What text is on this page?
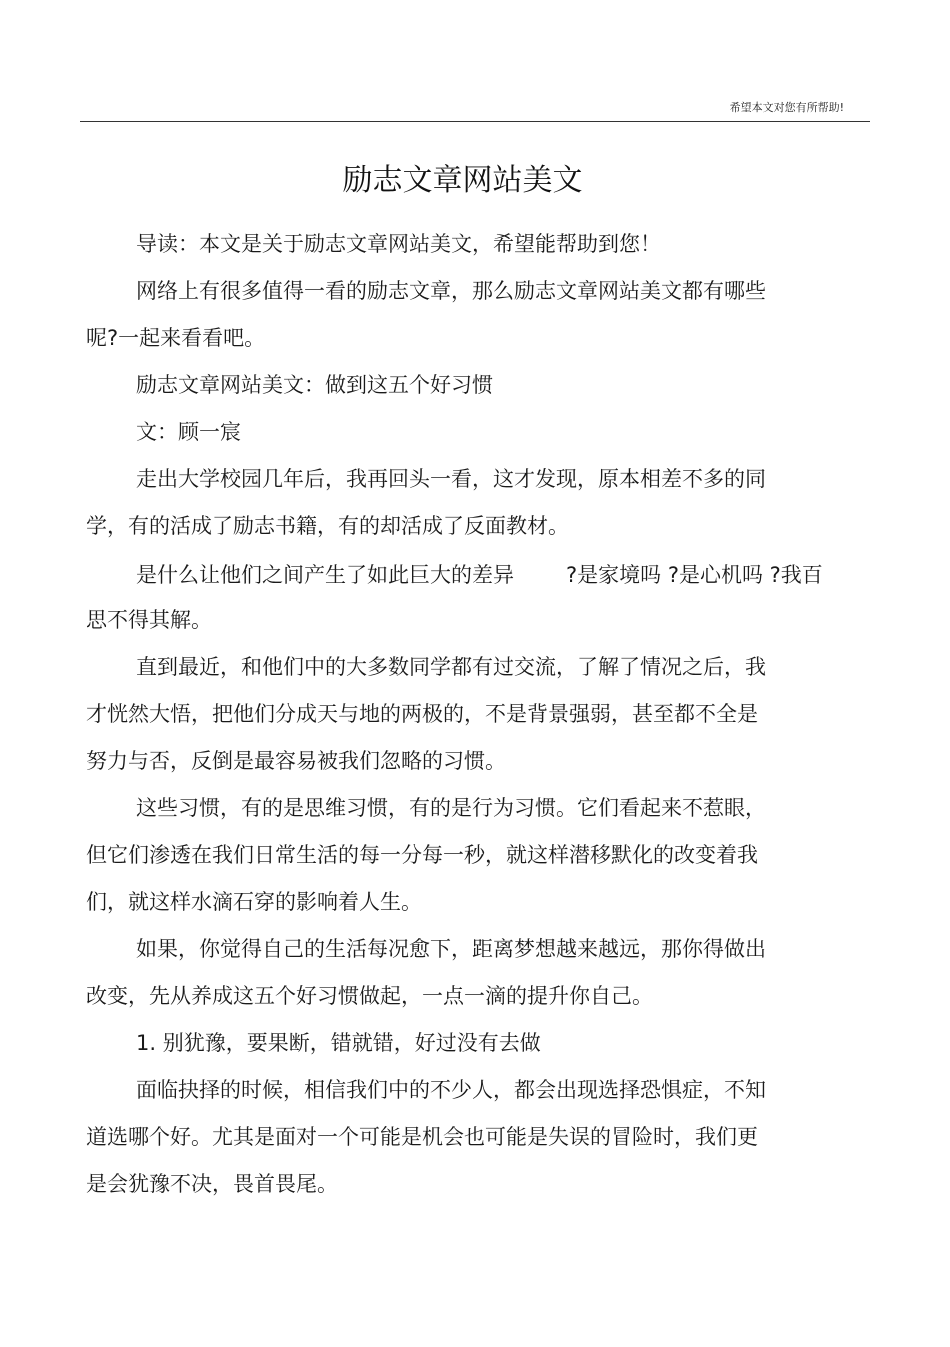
希望本文对您有所帮助!
励志文章网站美文
导读：本文是关于励志文章网站美文，希望能帮助到您！
网络上有很多值得一看的励志文章，那么励志文章网站美文都有哪些
呢?一起来看看吧。
励志文章网站美文：做到这五个好习惯
文：顾一宸
走出大学校园几年后，我再回头一看，这才发现，原本相差不多的同
学，有的活成了励志书籍，有的却活成了反面教材。
是什么让他们之间产生了如此巨大的差异 ?是家境吗 ?是心机吗 ?我百
思不得其解。
直到最近，和他们中的大多数同学都有过交流，了解了情况之后，我
才恍然大悟，把他们分成天与地的两极的，不是背景强弱，甚至都不全是
努力与否，反倒是最容易被我们忽略的习惯。
这些习惯，有的是思维习惯，有的是行为习惯。它们看起来不惹眼，
但它们渗透在我们日常生活的每一分每一秒，就这样潜移默化的改变着我
们，就这样水滴石穿的影响着人生。
如果，你觉得自己的生活每况愈下，距离梦想越来越远，那你得做出
改变，先从养成这五个好习惯做起，一点一滴的提升你自己。
1. 别犹豫，要果断，错就错，好过没有去做
面临抉择的时候，相信我们中的不少人，都会出现选择恐惧症，不知
道选哪个好。尤其是面对一个可能是机会也可能是失误的冒险时，我们更
是会犹豫不决，畏首畏尾。
